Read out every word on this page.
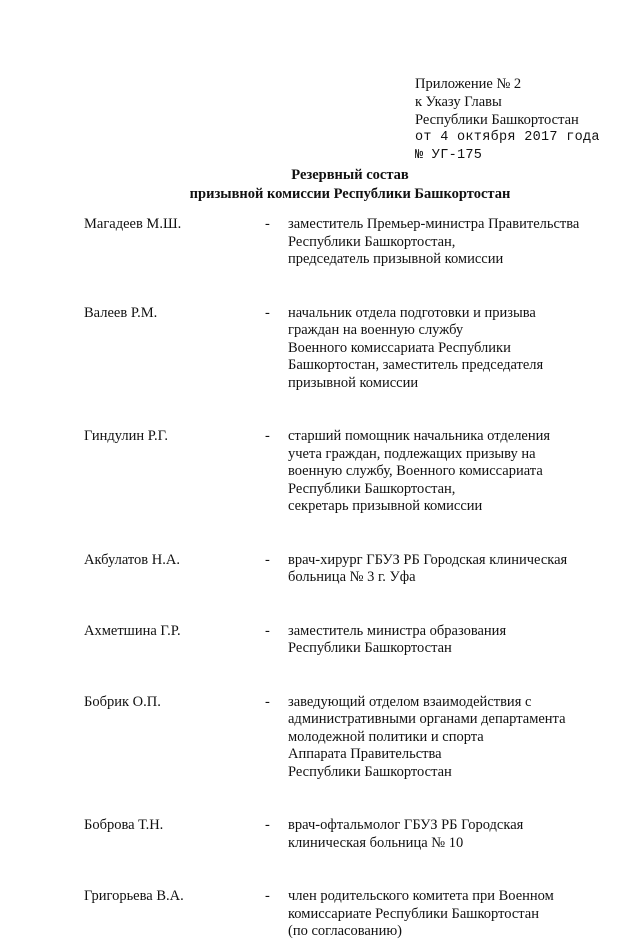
Приложение № 2
к Указу Главы
Республики Башкортостан
от 4 октября 2017 года
№ УГ-175
Резервный состав
призывной комиссии Республики Башкортостан
Магадеев М.Ш.	- заместитель Премьер-министра Правительства
Республики Башкортостан,
председатель призывной комиссии
Валеев Р.М.	- начальник отдела подготовки и призыва
граждан на военную службу
Военного комиссариата Республики
Башкортостан, заместитель председателя
призывной комиссии
Гиндулин Р.Г.	- старший помощник начальника отделения
учета граждан, подлежащих призыву на
военную службу, Военного комиссариата
Республики Башкортостан,
секретарь призывной комиссии
Акбулатов Н.А.	- врач-хирург ГБУЗ РБ Городская клиническая
больница № 3 г. Уфа
Ахметшина Г.Р.	- заместитель министра образования
Республики Башкортостан
Бобрик О.П.	- заведующий отделом взаимодействия с
административными органами департамента
молодежной политики и спорта
Аппарата Правительства
Республики Башкортостан
Боброва Т.Н.	- врач-офтальмолог ГБУЗ РБ Городская
клиническая больница № 10
Григорьева В.А.	- член родительского комитета при Военном
комиссариате Республики Башкортостан
(по согласованию)
